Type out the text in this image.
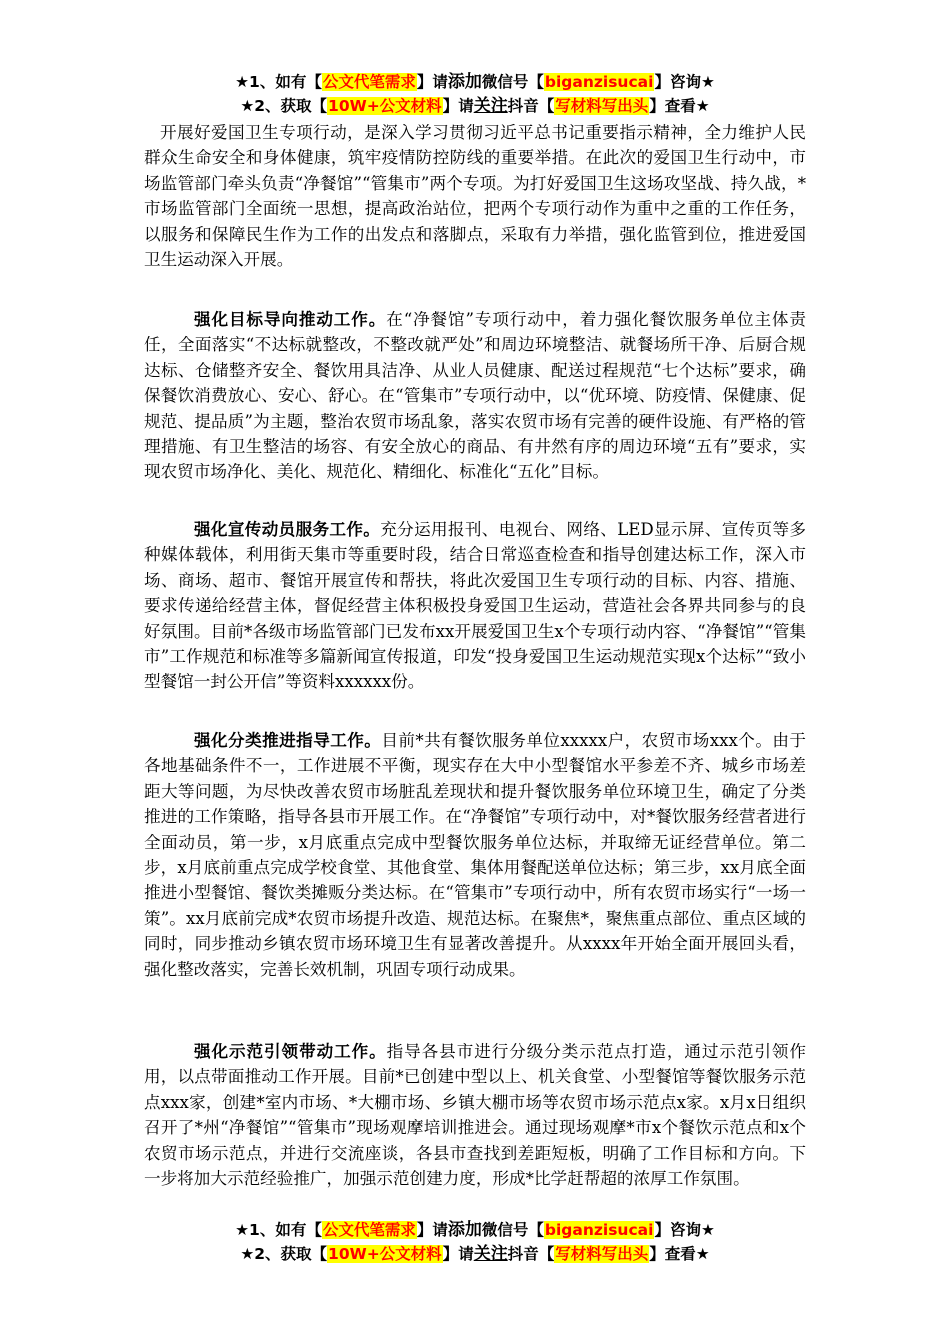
★1、如有【公文代笔需求】请添加微信号【biganzisucai】咨询★
★2、获取【10W+公文材料】请关注抖音【写材料写出头】查看★

开展好爱国卫生专项行动，是深入学习贯彻习近平总书记重要指示精神，全力维护人民群众生命安全和身体健康，筑牢疫情防控防线的重要举措。在此次的爱国卫生行动中，市场监管部门牵头负责“净餐馆”“管集市”两个专项。为打好爱国卫生这场攻坚战、持久战，*市场监管部门全面统一思想，提高政治站位，把两个专项行动作为重中之重的工作任务，以服务和保障民生作为工作的出发点和落脚点，采取有力举措，强化监管到位，推进爱国卫生运动深入开展。

强化目标导向推动工作。在“净餐馆”专项行动中，着力强化餐饮服务单位主体责任，全面落实“不达标就整改，不整改就严处”和周边环境整洁、就餐场所干净、后厨合规达标、仓储整齐安全、餐饮用具洁净、从业人员健康、配送过程规范“七个达标”要求，确保餐饮消费放心、安心、舒心。在“管集市”专项行动中，以“优环境、防疫情、保健康、促规范、提品质”为主题，整治农贸市场乱象，落实农贸市场有完善的硬件设施、有严格的管理措施、有卫生整洁的场容、有安全放心的商品、有井然有序的周边环境“五有”要求，实现农贸市场净化、美化、规范化、精细化、标准化“五化”目标。

强化宣传动员服务工作。充分运用报刊、电视台、网络、LED显示屏、宣传页等多种媒体载体，利用街天集市等重要时段，结合日常巡查检查和指导创建达标工作，深入市场、商场、超市、餐馆开展宣传和帮扶，将此次爱国卫生专项行动的目标、内容、措施、要求传递给经营主体，督促经营主体积极投身爱国卫生运动，营造社会各界共同参与的良好氛围。目前*各级市场监管部门已发布xx开展爱国卫生x个专项行动内容、“净餐馆”“管集市”工作规范和标准等多篇新闻宣传报道，印发“投身爱国卫生运动规范实现x个达标”“致小型餐馆一封公开信”等资料xxxxxx份。

强化分类推进指导工作。目前*共有餐饮服务单位xxxxx户，农贸市场xxx个。由于各地基础条件不一，工作进展不平衡，现实存在大中小型餐馆水平参差不齐、城乡市场差距大等问题，为尽快改善农贸市场脏乱差现状和提升餐饮服务单位环境卫生，确定了分类推进的工作策略，指导各县市开展工作。在“净餐馆”专项行动中，对*餐饮服务经营者进行全面动员，第一步，x月底重点完成中型餐饮服务单位达标，并取缔无证经营单位。第二步，x月底前重点完成学校食堂、其他食堂、集体用餐配送单位达标；第三步，xx月底全面推进小型餐馆、餐饮类摊贩分类达标。在“管集市”专项行动中，所有农贸市场实行“一场一策”。xx月底前完成*农贸市场提升改造、规范达标。在聚焦*，聚焦重点部位、重点区域的同时，同步推动乡镇农贸市场环境卫生有显著改善提升。从xxxx年开始全面开展回头看，强化整改落实，完善长效机制，巩固专项行动成果。

强化示范引领带动工作。指导各县市进行分级分类示范点打造，通过示范引领作用，以点带面推动工作开展。目前*已创建中型以上、机关食堂、小型餐馆等餐饮服务示范点xxx家，创建*室内市场、*大棚市场、乡镇大棚市场等农贸市场示范点x家。x月x日组织召开了*州“净餐馆”“管集市”现场观摩培训推进会。通过现场观摩*市x个餐饮示范点和x个农贸市场示范点，并进行交流座谈，各县市查找到差距短板，明确了工作目标和方向。下一步将加大示范经验推广，加强示范创建力度，形成*比学赶帮超的浓厚工作氛围。

★1、如有【公文代笔需求】请添加微信号【biganzisucai】咨询★
★2、获取【10W+公文材料】请关注抖音【写材料写出头】查看★
